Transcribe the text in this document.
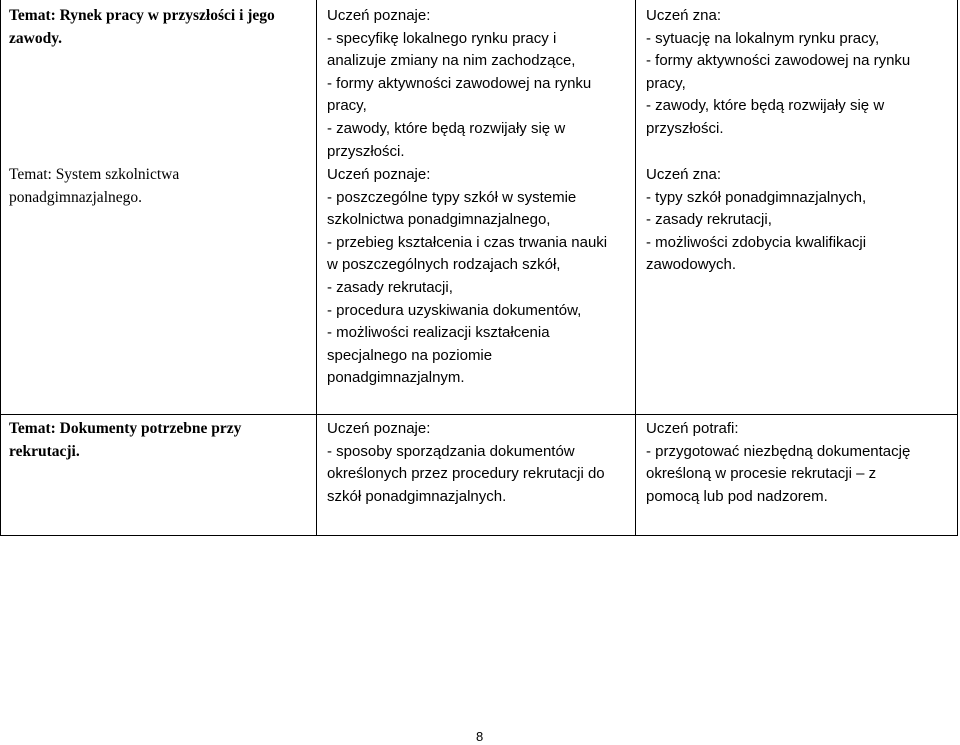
Temat: Rynek pracy w przyszłości i jego
zawody.
Uczeń poznaje:
- specyfikę lokalnego rynku pracy i
analizuje zmiany na nim zachodzące,
- formy aktywności zawodowej na rynku
pracy,
- zawody, które będą rozwijały się w
przyszłości.
Uczeń zna:
- sytuację na lokalnym rynku pracy,
- formy aktywności zawodowej na rynku
pracy,
- zawody, które będą rozwijały się w
przyszłości.
Temat: System szkolnictwa
ponadgimnazjalnego.
Uczeń poznaje:
- poszczególne typy szkół w systemie
szkolnictwa ponadgimnazjalnego,
- przebieg kształcenia i czas trwania nauki
w poszczególnych rodzajach szkół,
- zasady rekrutacji,
- procedura uzyskiwania dokumentów,
- możliwości realizacji kształcenia
specjalnego na poziomie
ponadgimnazjalnym.
Uczeń zna:
- typy szkół ponadgimnazjalnych,
- zasady rekrutacji,
- możliwości zdobycia kwalifikacji
zawodowych.
Temat: Dokumenty potrzebne przy
rekrutacji.
Uczeń poznaje:
- sposoby sporządzania dokumentów
określonych przez procedury rekrutacji do
szkół ponadgimnazjalnych.
Uczeń potrafi:
- przygotować niezbędną dokumentację
określoną w procesie rekrutacji – z
pomocą lub pod nadzorem.
8
